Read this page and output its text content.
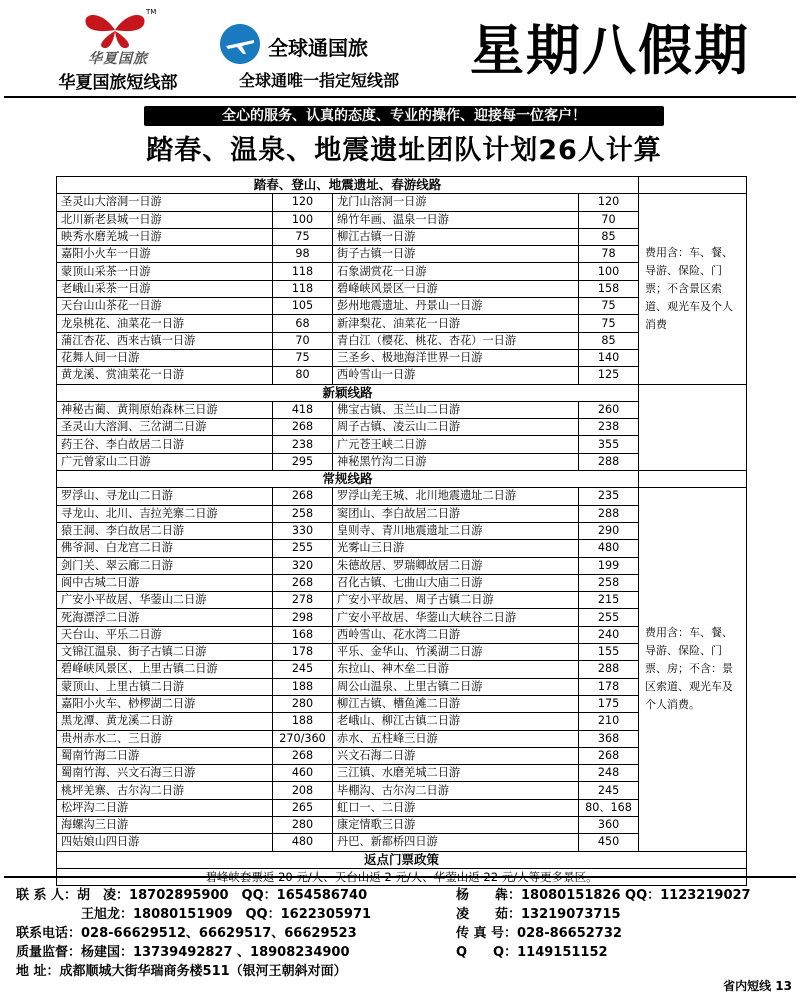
TM
华夏国旅
华夏国旅短线部
全球通国旅
全球通唯一指定短线部	星期八假期
全心的服务、认真的态度、专业的操作、迎接每一位客户！
踏春、温泉、地震遗址团队计划26人计算
踏春、登山、地震遗址、春游线路				
圣灵山大溶洞一日游	120	龙门山溶洞一日游	120	费用含：车、餐、导游、保险、门票；不含景区索道、观光车及个人消费
北川新老县城一日游	100	绵竹年画、温泉一日游	70	
映秀水磨羌城一日游	75	柳江古镇一日游	85	
嘉阳小火车一日游	98	街子古镇一日游	78	
蒙顶山采茶一日游	118	石象湖赏花一日游	100	
老峨山采茶一日游	118	碧峰峡风景区一日游	158	
天台山山茶花一日游	105	彭州地震遗址、丹景山一日游	75	
龙泉桃花、油菜花一日游	68	新津梨花、油菜花一日游	75	
蒲江杏花、西来古镇一日游	70	青白江（樱花、桃花、杏花）一日游	85	
花舞人间一日游	75	三圣乡、极地海洋世界一日游	140	
黄龙溪、赏油菜花一日游	80	西岭雪山一日游	125	
新颖线路				
神秘古蔺、黄荆原始森林三日游	418	佛宝古镇、玉兰山二日游	260	
圣灵山大溶洞、三岔湖二日游	268	周子古镇、凌云山二日游	238	
药王谷、李白故居二日游	238	广元苍王峡二日游	355	
广元曾家山二日游	295	神秘黑竹沟二日游	288	
常规线路				
罗浮山、寻龙山二日游	268	罗浮山羌王城、北川地震遗址二日游	235	费用含：车、餐、导游、保险、门票、房；不含：景区索道、观光车及个人消费。
寻龙山、北川、吉拉羌寨二日游	258	窦团山、李白故居二日游	288	
猿王洞、李白故居二日游	330	皇则寺、青川地震遗址二日游	290	
佛爷洞、白龙宫二日游	255	光雾山三日游	480	
剑门关、翠云廊二日游	320	朱德故居、罗瑞卿故居二日游	199	
阆中古城二日游	268	召化古镇、七曲山大庙二日游	258	
广安小平故居、华蓥山二日游	278	广安小平故居、周子古镇二日游	215	
死海漂浮二日游	298	广安小平故居、华蓥山大峡谷二日游	255	
天台山、平乐二日游	168	西岭雪山、花水湾二日游	240	
文锦江温泉、街子古镇二日游	178	平乐、金华山、竹溪湖二日游	155	
碧峰峡风景区、上里古镇二日游	245	东拉山、神木垒二日游	288	
蒙顶山、上里古镇二日游	188	周公山温泉、上里古镇二日游	178	
嘉阳小火车、桫椤湖二日游	280	柳江古镇、槽鱼滩二日游	175	
黑龙潭、黄龙溪二日游	188	老峨山、柳江古镇二日游	210	
贵州赤水二、三日游	270/360	赤水、五柱峰三日游	368	
蜀南竹海二日游	268	兴文石海二日游	268	
蜀南竹海、兴文石海三日游	460	三江镇、水磨羌城二日游	248	
桃坪羌寨、古尔沟二日游	208	毕棚沟、古尔沟二日游	245	
松坪沟二日游	265	虹口一、二日游	80、168	
海螺沟三日游	280	康定情歌三日游	360	
四姑娘山四日游	480	丹巴、新都桥四日游	450	
返点门票政策				
碧峰峡套票返 20 元/人、天台山返 2 元/人、华蓥山返 22 元/人等更多景区。				
联 系 人：胡　凌：18702895900　QQ：1654586740	杨　　犇：18080151826 QQ：1123219027
　　　　　王旭龙：18080151909　QQ：1622305971	凌　　茹：13219073715
联系电话：028-66629512、66629517、66629523	传 真 号：028-86652732
质量监督：杨建国：13739492827 、18908234900	Q　　Q：1149151152
地 址：成都顺城大街华瑞商务楼511（银河王朝斜对面）
省内短线 13
